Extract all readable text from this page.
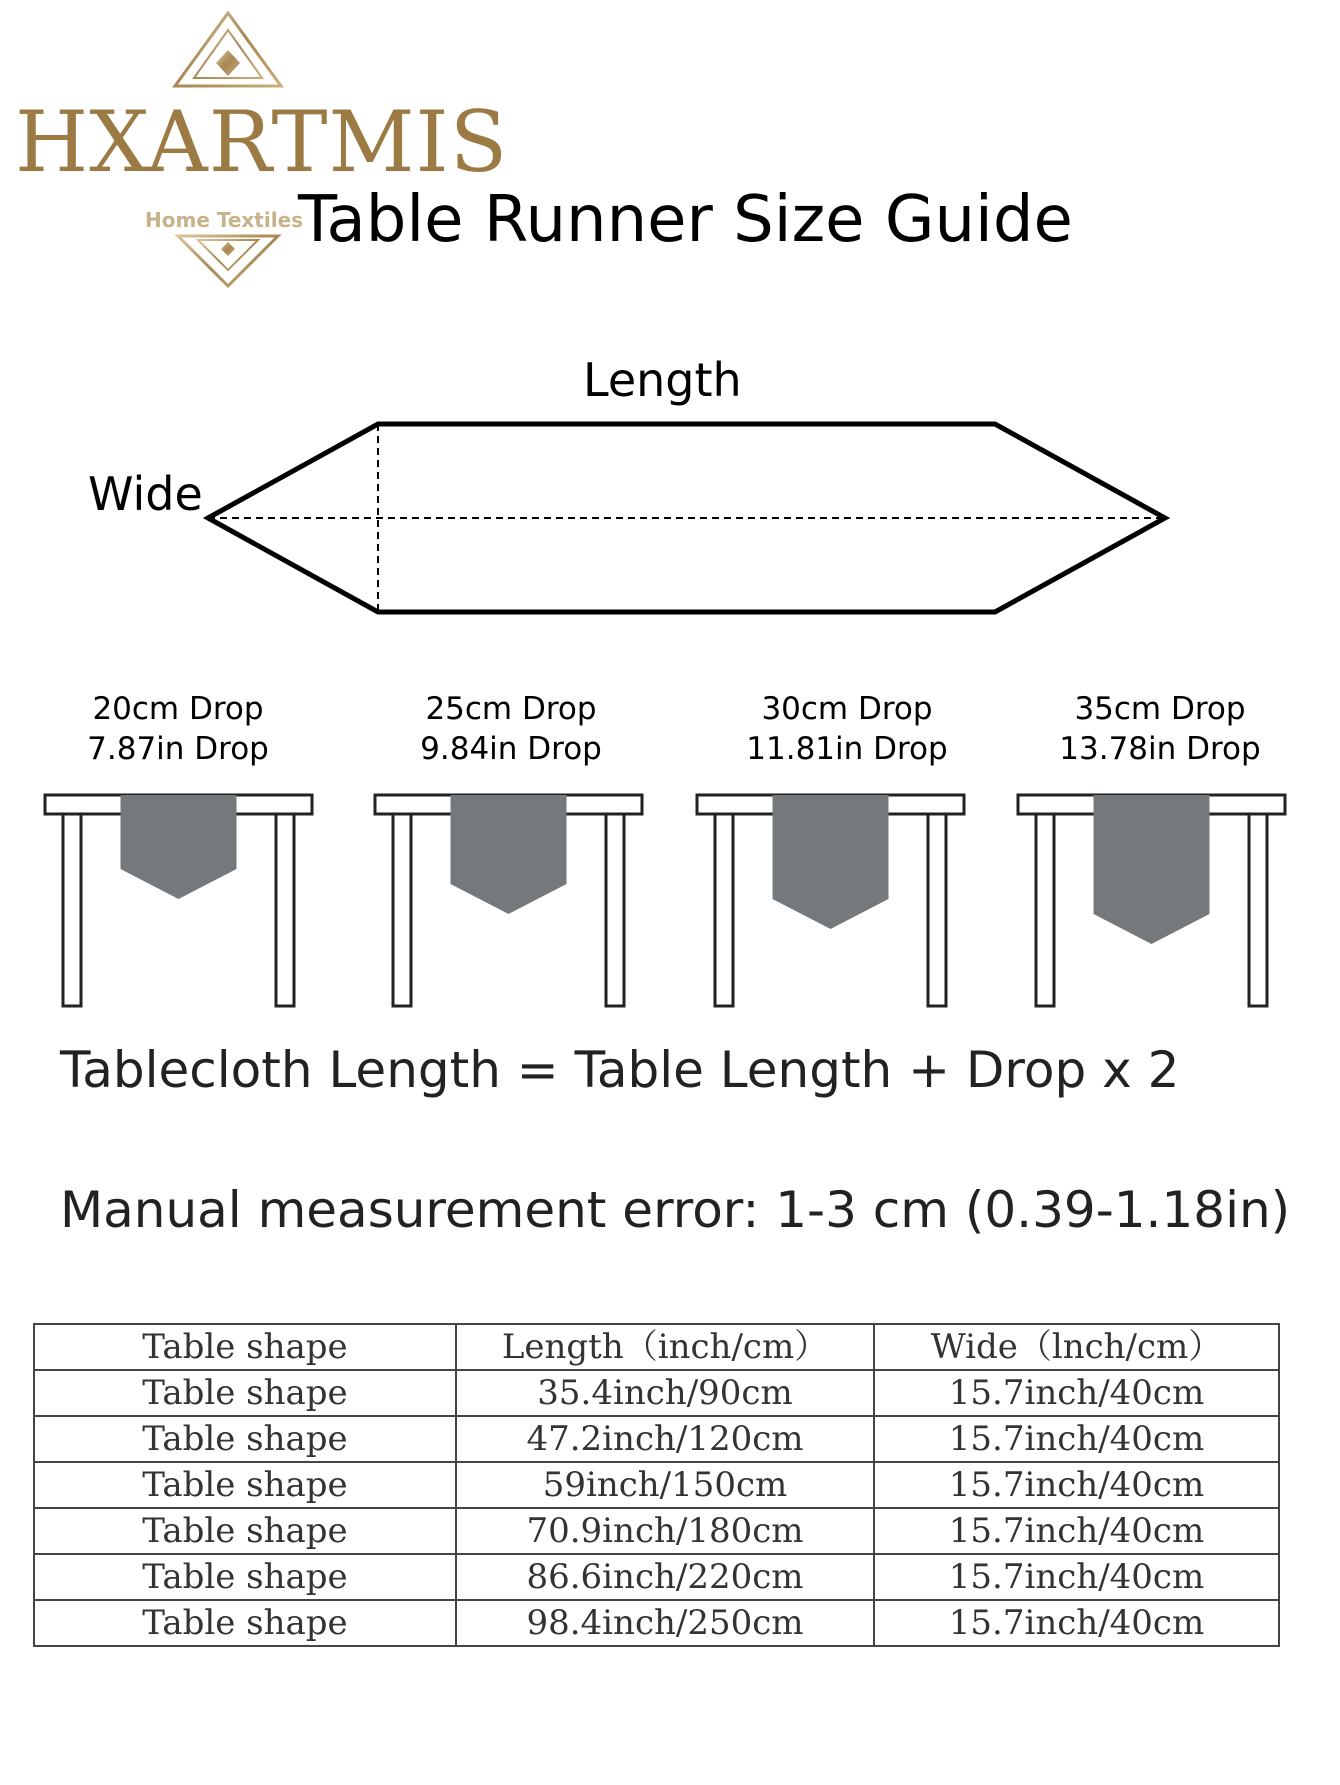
HXARTMIS
Home Textiles
Table Runner Size Guide
Length
Wide
20cm Drop
7.87in Drop
25cm Drop
9.84in Drop
30cm Drop
11.81in Drop
35cm Drop
13.78in Drop
Tablecloth Length = Table Length + Drop x 2
Manual measurement error: 1-3 cm (0.39-1.18in)
Table shape	Length（inch/cm）	Wide（lnch/cm）
Table shape	35.4inch/90cm	15.7inch/40cm
Table shape	47.2inch/120cm	15.7inch/40cm
Table shape	59inch/150cm	15.7inch/40cm
Table shape	70.9inch/180cm	15.7inch/40cm
Table shape	86.6inch/220cm	15.7inch/40cm
Table shape	98.4inch/250cm	15.7inch/40cm
